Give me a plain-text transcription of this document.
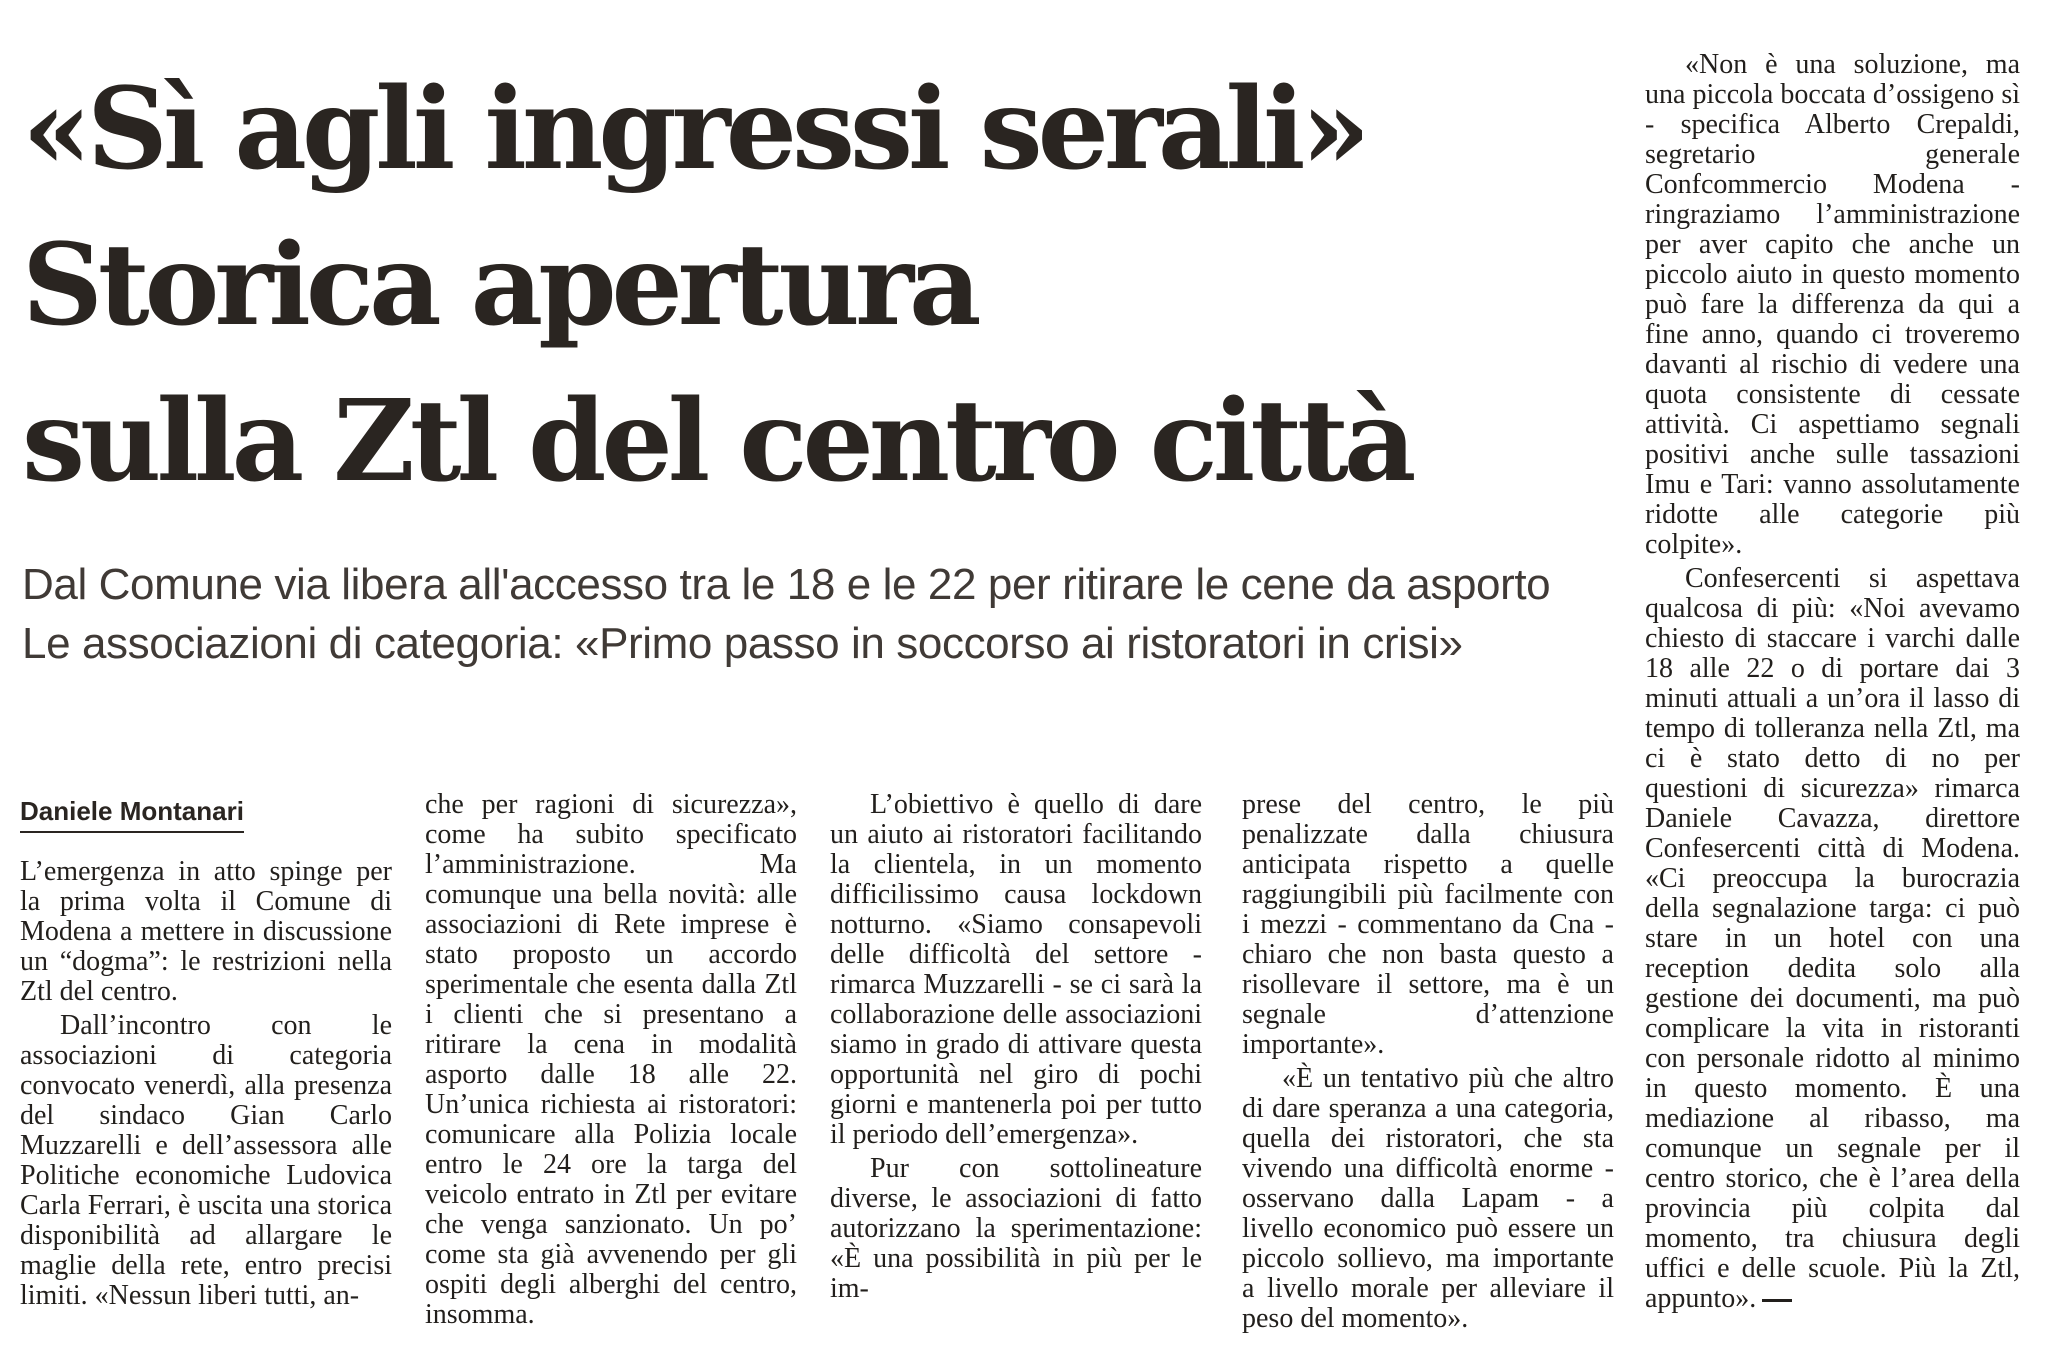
«Sì agli ingressi serali»
Storica apertura
sulla Ztl del centro città
Dal Comune via libera all'accesso tra le 18 e le 22 per ritirare le cene da asporto
Le associazioni di categoria: «Primo passo in soccorso ai ristoratori in crisi»
Daniele Montanari

L’emergenza in atto spinge per la prima volta il Comune di Modena a mettere in discussione un “dogma”: le restrizioni nella Ztl del centro.

Dall’incontro con le associazioni di categoria convocato venerdì, alla presenza del sindaco Gian Carlo Muzzarelli e dell’assessora alle Politiche economiche Ludovica Carla Ferrari, è uscita una storica disponibilità ad allargare le maglie della rete, entro precisi limiti. «Nessun liberi tutti, an-

che per ragioni di sicurezza», come ha subito specificato l’amministrazione. Ma comunque una bella novità: alle associazioni di Rete imprese è stato proposto un accordo sperimentale che esenta dalla Ztl i clienti che si presentano a ritirare la cena in modalità asporto dalle 18 alle 22. Un’unica richiesta ai ristoratori: comunicare alla Polizia locale entro le 24 ore la targa del veicolo entrato in Ztl per evitare che venga sanzionato. Un po’ come sta già avvenendo per gli ospiti degli alberghi del centro, insomma.

L’obiettivo è quello di dare un aiuto ai ristoratori facilitando la clientela, in un momento difficilissimo causa lockdown notturno. «Siamo consapevoli delle difficoltà del settore - rimarca Muzzarelli - se ci sarà la collaborazione delle associazioni siamo in grado di attivare questa opportunità nel giro di pochi giorni e mantenerla poi per tutto il periodo dell’emergenza».

Pur con sottolineature diverse, le associazioni di fatto autorizzano la sperimentazione: «È una possibilità in più per le im-

prese del centro, le più penalizzate dalla chiusura anticipata rispetto a quelle raggiungibili più facilmente con i mezzi - commentano da Cna - chiaro che non basta questo a risollevare il settore, ma è un segnale d’attenzione importante».

«È un tentativo più che altro di dare speranza a una categoria, quella dei ristoratori, che sta vivendo una difficoltà enorme - osservano dalla Lapam - a livello economico può essere un piccolo sollievo, ma importante a livello morale per alleviare il peso del momento».

«Non è una soluzione, ma una piccola boccata d’ossigeno sì - specifica Alberto Crepaldi, segretario generale Confcommercio Modena - ringraziamo l’amministrazione per aver capito che anche un piccolo aiuto in questo momento può fare la differenza da qui a fine anno, quando ci troveremo davanti al rischio di vedere una quota consistente di cessate attività. Ci aspettiamo segnali positivi anche sulle tassazioni Imu e Tari: vanno assolutamente ridotte alle categorie più colpite».

Confesercenti si aspettava qualcosa di più: «Noi avevamo chiesto di staccare i varchi dalle 18 alle 22 o di portare dai 3 minuti attuali a un’ora il lasso di tempo di tolleranza nella Ztl, ma ci è stato detto di no per questioni di sicurezza» rimarca Daniele Cavazza, direttore Confesercenti città di Modena. «Ci preoccupa la burocrazia della segnalazione targa: ci può stare in un hotel con una reception dedita solo alla gestione dei documenti, ma può complicare la vita in ristoranti con personale ridotto al minimo in questo momento. È una mediazione al ribasso, ma comunque un segnale per il centro storico, che è l’area della provincia più colpita dal momento, tra chiusura degli uffici e delle scuole. Più la Ztl, appunto».
